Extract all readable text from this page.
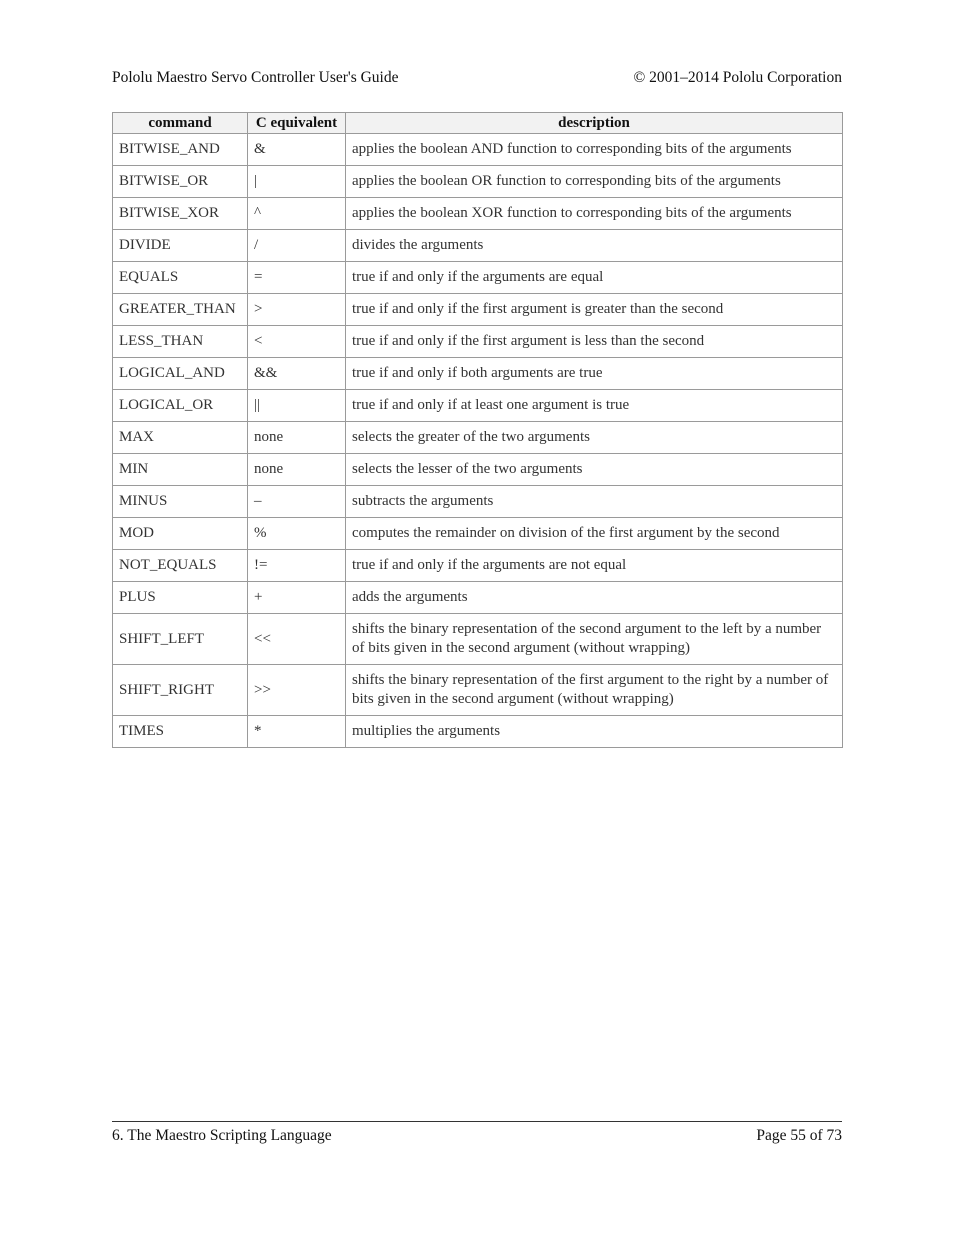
Pololu Maestro Servo Controller User's Guide	© 2001–2014 Pololu Corporation
command	C equivalent	description
BITWISE_AND	&	applies the boolean AND function to corresponding bits of the arguments
BITWISE_OR	|	applies the boolean OR function to corresponding bits of the arguments
BITWISE_XOR	^	applies the boolean XOR function to corresponding bits of the arguments
DIVIDE	/	divides the arguments
EQUALS	=	true if and only if the arguments are equal
GREATER_THAN	>	true if and only if the first argument is greater than the second
LESS_THAN	<	true if and only if the first argument is less than the second
LOGICAL_AND	&&	true if and only if both arguments are true
LOGICAL_OR	||	true if and only if at least one argument is true
MAX	none	selects the greater of the two arguments
MIN	none	selects the lesser of the two arguments
MINUS	–	subtracts the arguments
MOD	%	computes the remainder on division of the first argument by the second
NOT_EQUALS	!=	true if and only if the arguments are not equal
PLUS	+	adds the arguments
SHIFT_LEFT	<<	shifts the binary representation of the second argument to the left by a number of bits given in the second argument (without wrapping)
SHIFT_RIGHT	>>	shifts the binary representation of the first argument to the right by a number of bits given in the second argument (without wrapping)
TIMES	*	multiplies the arguments
6. The Maestro Scripting Language	Page 55 of 73
